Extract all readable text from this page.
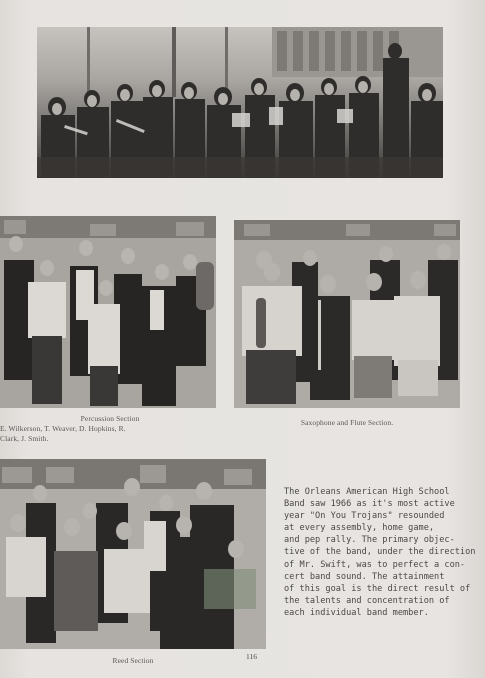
Percussion Section
E. Wilkerson, T. Weaver, D. Hopkins, R.
Clark, J. Smith.
Saxophone and Flute Section.
Reed Section
The Orleans American High School
Band saw 1966 as it's most active
year "On You Trojans" resounded
at every assembly, home game,
and pep rally. The primary objec-
tive of the band, under the direction
of Mr. Swift, was to perfect a con-
cert band sound. The attainment
of this goal is the direct result of
the talents and concentration of
each individual band member.
116
